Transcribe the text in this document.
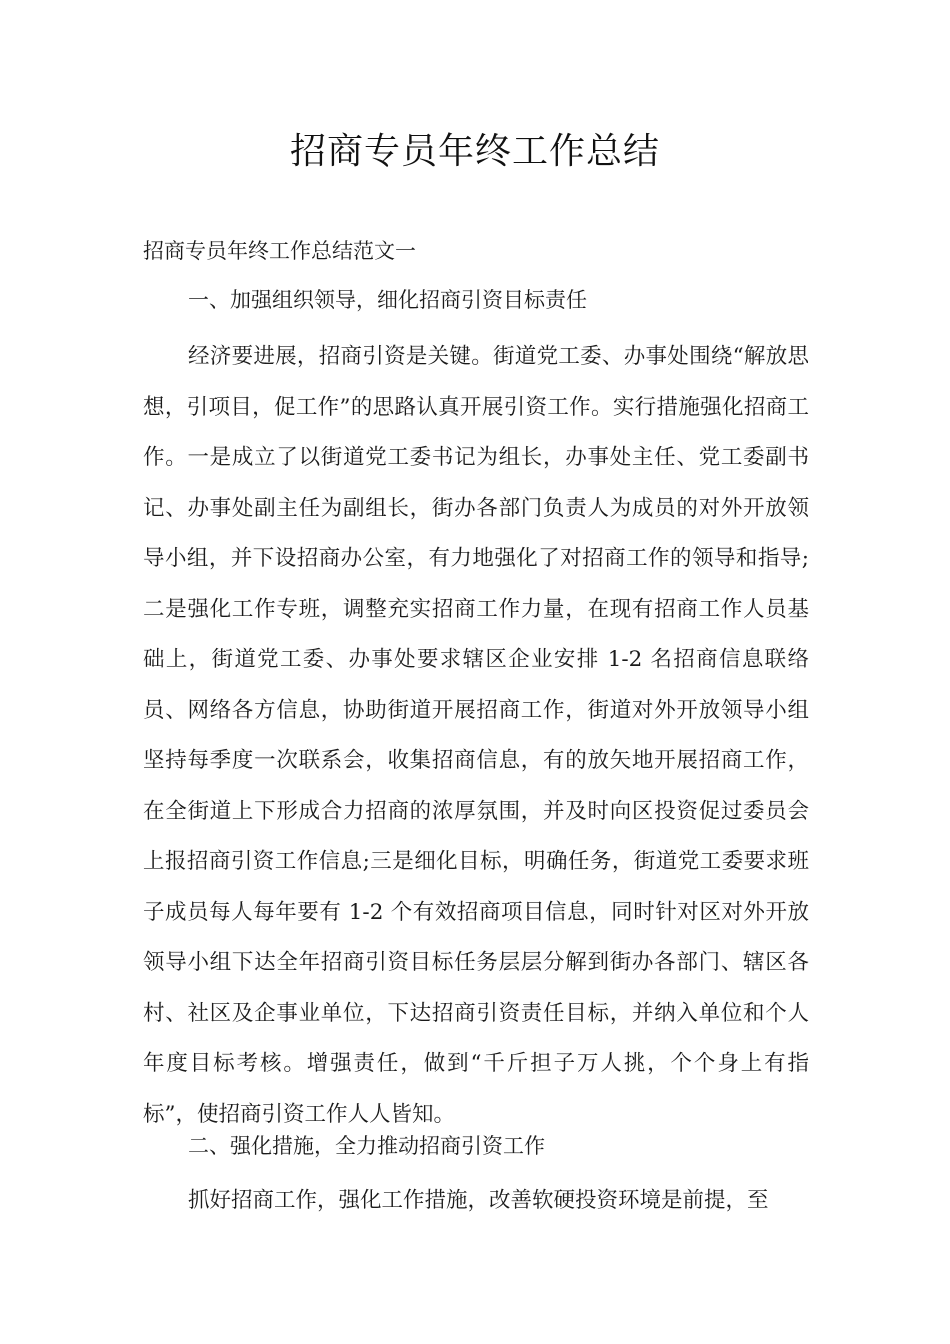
招商专员年终工作总结
招商专员年终工作总结范文一
一、加强组织领导，细化招商引资目标责任

经济要进展，招商引资是关键。街道党工委、办事处围绕“解放思想，引项目，促工作”的思路认真开展引资工作。实行措施强化招商工作。一是成立了以街道党工委书记为组长，办事处主任、党工委副书记、办事处副主任为副组长，街办各部门负责人为成员的对外开放领导小组，并下设招商办公室，有力地强化了对招商工作的领导和指导;二是强化工作专班，调整充实招商工作力量，在现有招商工作人员基础上，街道党工委、办事处要求辖区企业安排 1-2 名招商信息联络员、网络各方信息，协助街道开展招商工作，街道对外开放领导小组坚持每季度一次联系会，收集招商信息，有的放矢地开展招商工作，在全街道上下形成合力招商的浓厚氛围，并及时向区投资促过委员会上报招商引资工作信息;三是细化目标，明确任务，街道党工委要求班子成员每人每年要有 1-2 个有效招商项目信息，同时针对区对外开放领导小组下达全年招商引资目标任务层层分解到街办各部门、辖区各村、社区及企事业单位，下达招商引资责任目标，并纳入单位和个人年度目标考核。增强责任，做到“千斤担子万人挑，个个身上有指标”，使招商引资工作人人皆知。

二、强化措施，全力推动招商引资工作

抓好招商工作，强化工作措施，改善软硬投资环境是前提，至
